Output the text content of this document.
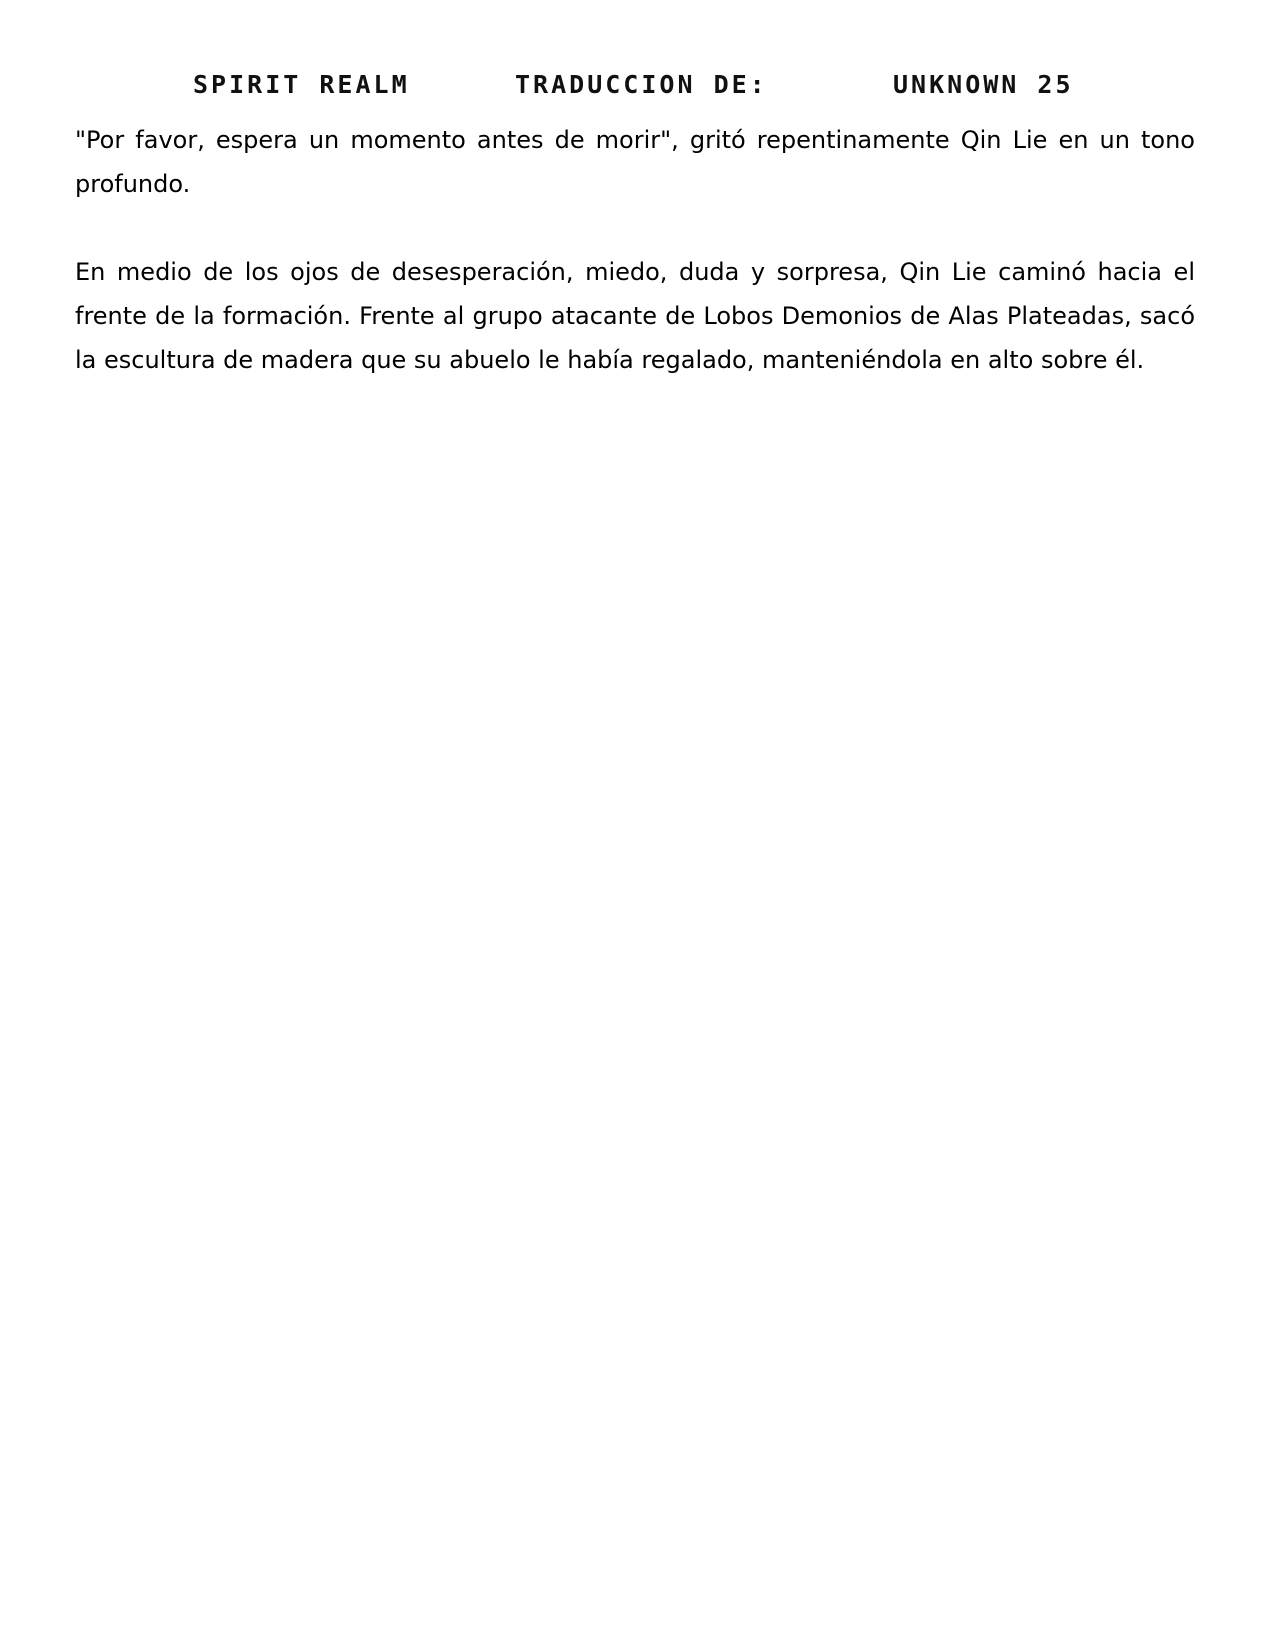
SPIRIT REALM	TRADUCCION DE:	UNKNOWN 25

"Por favor, espera un momento antes de morir", gritó repentinamente Qin Lie en un tono profundo.

En medio de los ojos de desesperación, miedo, duda y sorpresa, Qin Lie caminó hacia el frente de la formación. Frente al grupo atacante de Lobos Demonios de Alas Plateadas, sacó la escultura de madera que su abuelo le había regalado, manteniéndola en alto sobre él.
